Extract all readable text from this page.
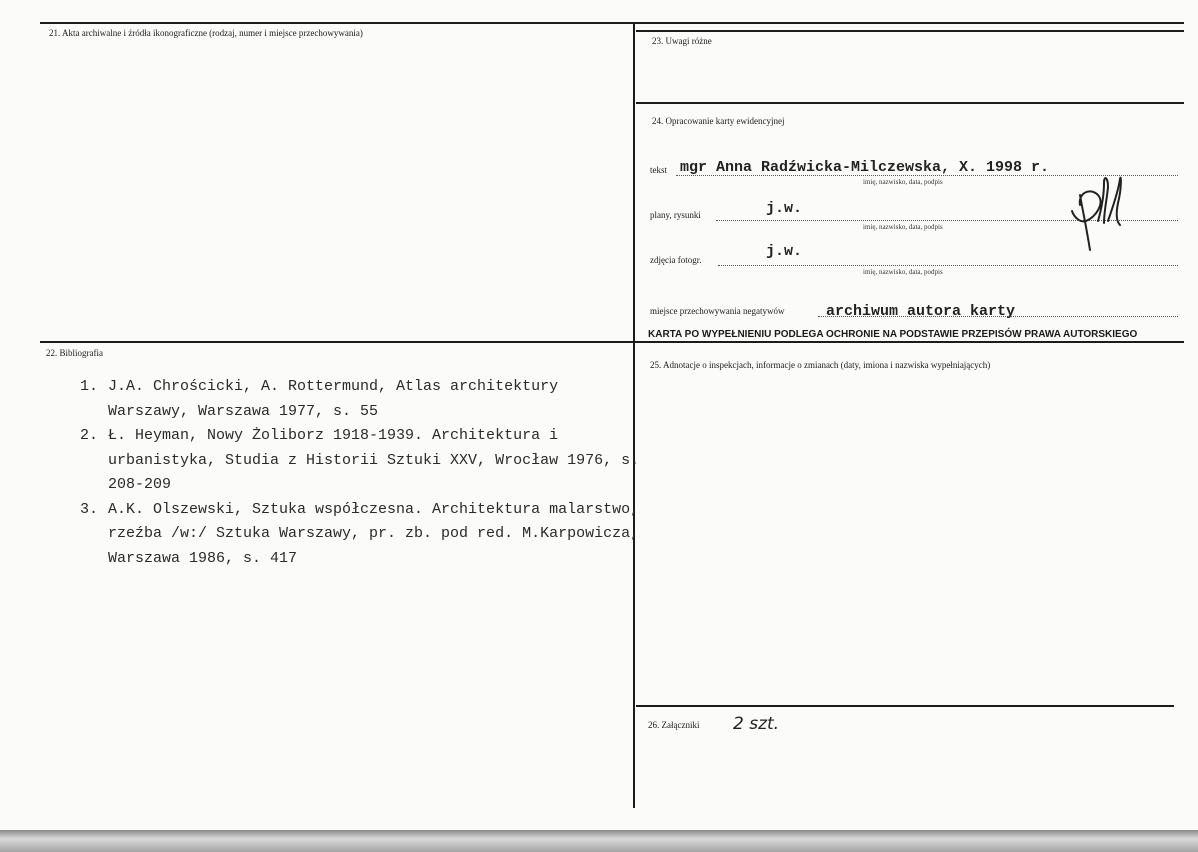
21. Akta archiwalne i źródła ikonograficzne (rodzaj, numer i miejsce przechowywania)
23. Uwagi różne
24. Opracowanie karty ewidencyjnej
tekst mgr Anna Radźwicka-Milczewska, X. 1998 r.
imię, nazwisko, data, podpis
plany, rysunki	j.w.
imię, nazwisko, data, podpis
zdjęcia fotogr.	j.w.
imię, nazwisko, data, podpis
miejsce przechowywania negatywów	archiwum autora karty
KARTA PO WYPEŁNIENIU PODLEGA OCHRONIE NA PODSTAWIE PRZEPISÓW PRAWA AUTORSKIEGO
22. Bibliografia
1. J.A. Chrościcki, A. Rottermund, Atlas architektury Warszawy, Warszawa 1977, s. 55
2. Ł. Heyman, Nowy Żoliborz 1918-1939. Architektura i urbanistyka, Studia z Historii Sztuki XXV, Wrocław 1976, s. 208-209
3. A.K. Olszewski, Sztuka współczesna. Architektura malarstwo, rzeźba /w:/ Sztuka Warszawy, pr. zb. pod red. M.Karpowicza, Warszawa 1986, s. 417
25. Adnotacje o inspekcjach, informacje o zmianach (daty, imiona i nazwiska wypełniających)
26. Załączniki 2 szt.
